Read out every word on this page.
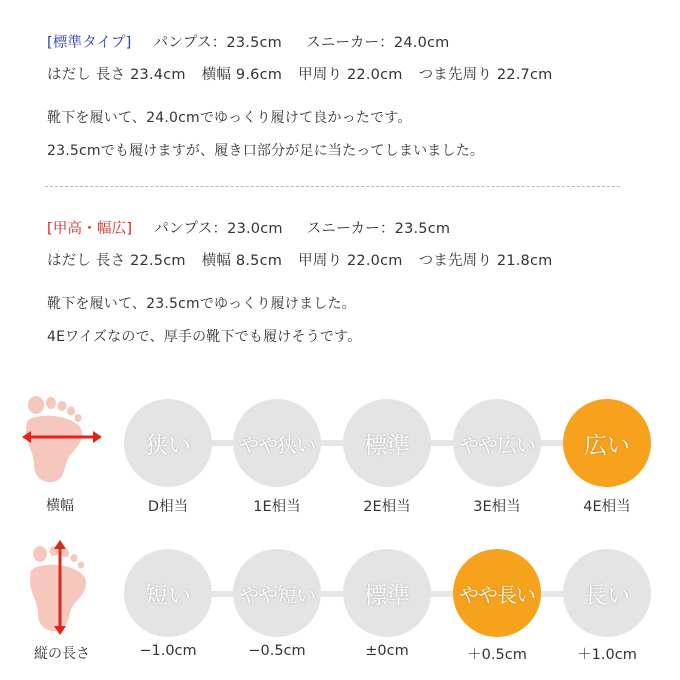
[標準タイプ] パンプス：23.5cm スニーカー：24.0cm
はだし 長さ 23.4cm 横幅 9.6cm 甲周り 22.0cm つま先周り 22.7cm
靴下を履いて、24.0cmでゆっくり履けて良かったです。
23.5cmでも履けますが、履き口部分が足に当たってしまいました。
[甲高・幅広] パンプス：23.0cm スニーカー：23.5cm
はだし 長さ 22.5cm 横幅 8.5cm 甲周り 22.0cm つま先周り 21.8cm
靴下を履いて、23.5cmでゆっくり履けました。
4Eワイズなので、厚手の靴下でも履けそうです。
横幅
狭い
D相当
やや狭い
1E相当
標準
2E相当
やや広い
3E相当
広い
4E相当
縦の長さ
短い
−1.0cm
やや短い
−0.5cm
標準
±0cm
やや長い
＋0.5cm
長い
＋1.0cm
